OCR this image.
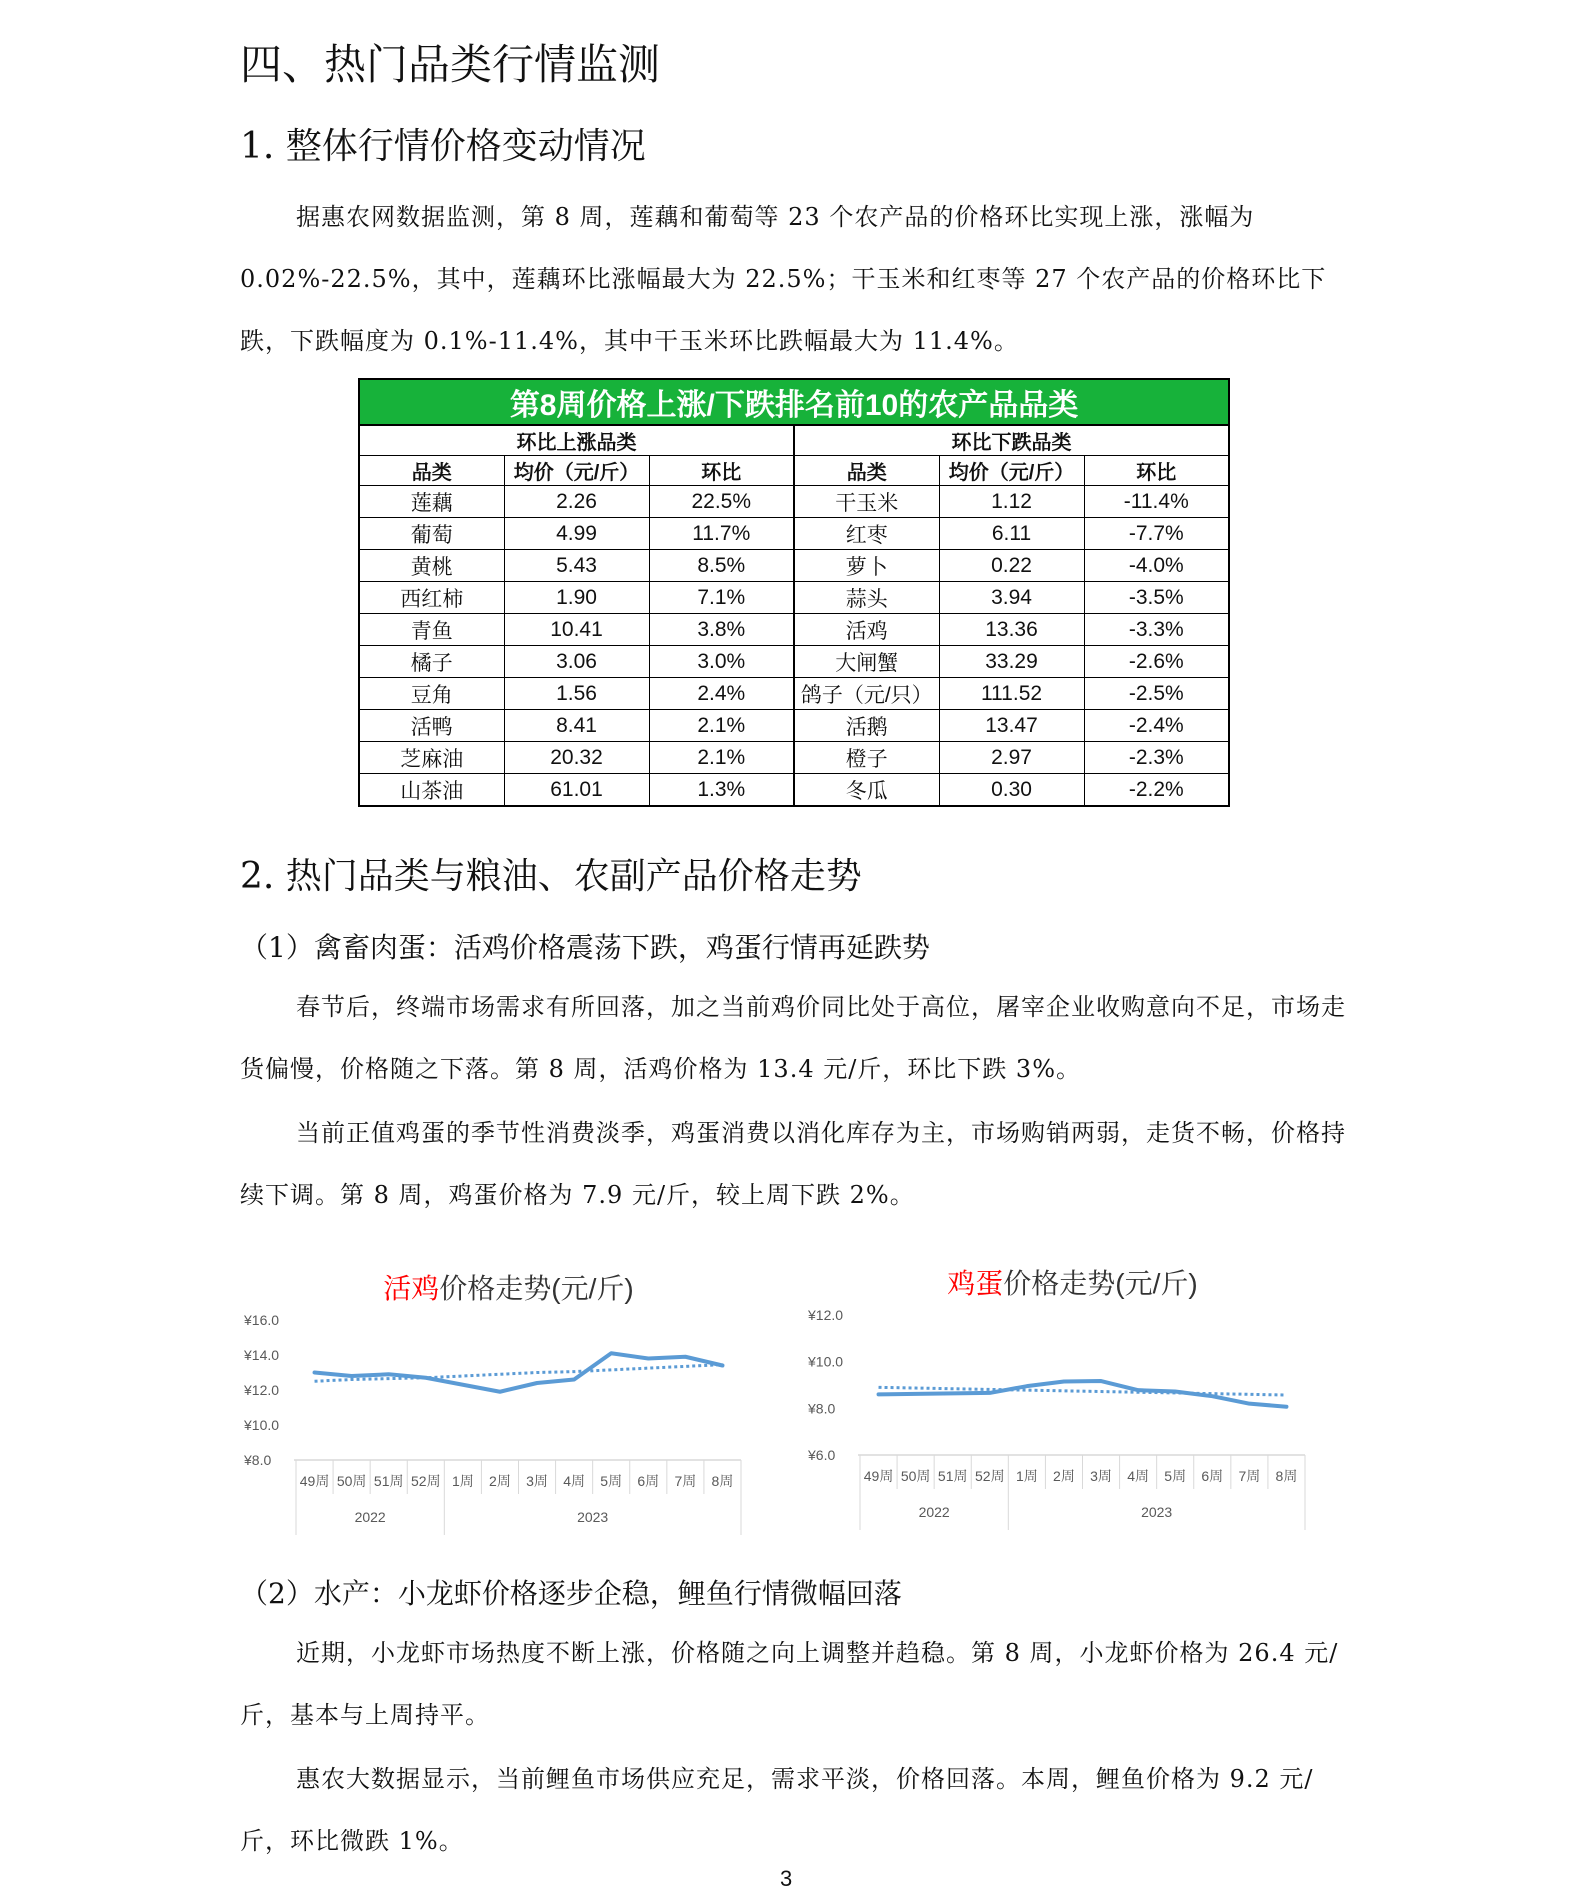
四、热门品类行情监测
1. 整体行情价格变动情况
据惠农网数据监测，第 8 周，莲藕和葡萄等 23 个农产品的价格环比实现上涨，涨幅为 0.02%-22.5%，其中，莲藕环比涨幅最大为 22.5%；干玉米和红枣等 27 个农产品的价格环比下跌，下跌幅度为 0.1%-11.4%，其中干玉米环比跌幅最大为 11.4%。
第8周价格上涨/下跌排名前10的农产品品类					
环比上涨品类			环比下跌品类		
品类	均价（元/斤）	环比	品类	均价（元/斤）	环比
莲藕	2.26	22.5%	干玉米	1.12	-11.4%
葡萄	4.99	11.7%	红枣	6.11	-7.7%
黄桃	5.43	8.5%	萝卜	0.22	-4.0%
西红柿	1.90	7.1%	蒜头	3.94	-3.5%
青鱼	10.41	3.8%	活鸡	13.36	-3.3%
橘子	3.06	3.0%	大闸蟹	33.29	-2.6%
豆角	1.56	2.4%	鸽子（元/只）	111.52	-2.5%
活鸭	8.41	2.1%	活鹅	13.47	-2.4%
芝麻油	20.32	2.1%	橙子	2.97	-2.3%
山茶油	61.01	1.3%	冬瓜	0.30	-2.2%
2. 热门品类与粮油、农副产品价格走势
（1）禽畜肉蛋：活鸡价格震荡下跌，鸡蛋行情再延跌势
春节后，终端市场需求有所回落，加之当前鸡价同比处于高位，屠宰企业收购意向不足，市场走货偏慢，价格随之下落。第 8 周，活鸡价格为 13.4 元/斤，环比下跌 3%。
当前正值鸡蛋的季节性消费淡季，鸡蛋消费以消化库存为主，市场购销两弱，走货不畅，价格持续下调。第 8 周，鸡蛋价格为 7.9 元/斤，较上周下跌 2%。
活鸡价格走势(元/斤)
¥16.0
¥14.0
¥12.0
¥10.0
¥8.0
49周 50周 51周 52周 1周 2周 3周 4周 5周 6周 7周 8周
2022	2023
鸡蛋价格走势(元/斤)
¥12.0
¥10.0
¥8.0
¥6.0
49周 50周 51周 52周 1周 2周 3周 4周 5周 6周 7周 8周
2022	2023
（2）水产：小龙虾价格逐步企稳，鲤鱼行情微幅回落
近期，小龙虾市场热度不断上涨，价格随之向上调整并趋稳。第 8 周，小龙虾价格为 26.4 元/斤，基本与上周持平。
惠农大数据显示，当前鲤鱼市场供应充足，需求平淡，价格回落。本周，鲤鱼价格为 9.2 元/斤，环比微跌 1%。
3
